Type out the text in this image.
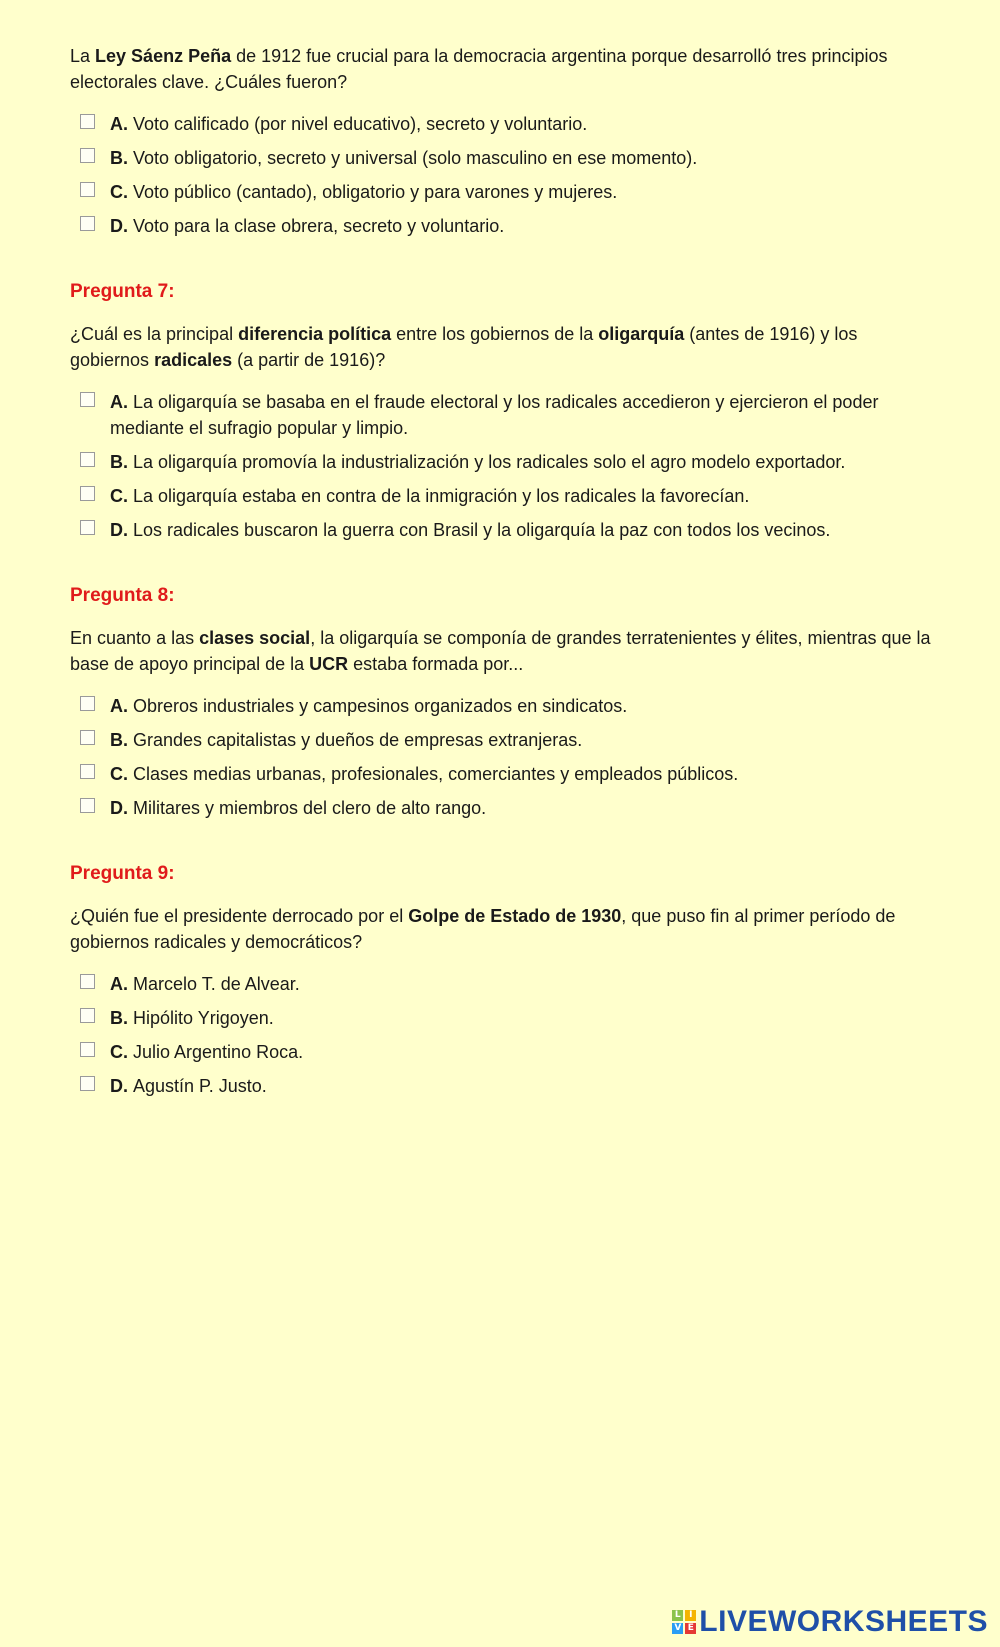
La Ley Sáenz Peña de 1912 fue crucial para la democracia argentina porque desarrolló tres principios electorales clave. ¿Cuáles fueron?

A. Voto calificado (por nivel educativo), secreto y voluntario.
B. Voto obligatorio, secreto y universal (solo masculino en ese momento).
C. Voto público (cantado), obligatorio y para varones y mujeres.
D. Voto para la clase obrera, secreto y voluntario.
Pregunta 7:

¿Cuál es la principal diferencia política entre los gobiernos de la oligarquía (antes de 1916) y los gobiernos radicales (a partir de 1916)?

A. La oligarquía se basaba en el fraude electoral y los radicales accedieron y ejercieron el poder mediante el sufragio popular y limpio.
B. La oligarquía promovía la industrialización y los radicales solo el agro modelo exportador.
C. La oligarquía estaba en contra de la inmigración y los radicales la favorecían.
D. Los radicales buscaron la guerra con Brasil y la oligarquía la paz con todos los vecinos.
Pregunta 8:

En cuanto a las clases social, la oligarquía se componía de grandes terratenientes y élites, mientras que la base de apoyo principal de la UCR estaba formada por...

A. Obreros industriales y campesinos organizados en sindicatos.
B. Grandes capitalistas y dueños de empresas extranjeras.
C. Clases medias urbanas, profesionales, comerciantes y empleados públicos.
D. Militares y miembros del clero de alto rango.
Pregunta 9:

¿Quién fue el presidente derrocado por el Golpe de Estado de 1930, que puso fin al primer período de gobiernos radicales y democráticos?

A. Marcelo T. de Alvear.
B. Hipólito Yrigoyen.
C. Julio Argentino Roca.
D. Agustín P. Justo.
L I
V E LIVEWORKSHEETS
